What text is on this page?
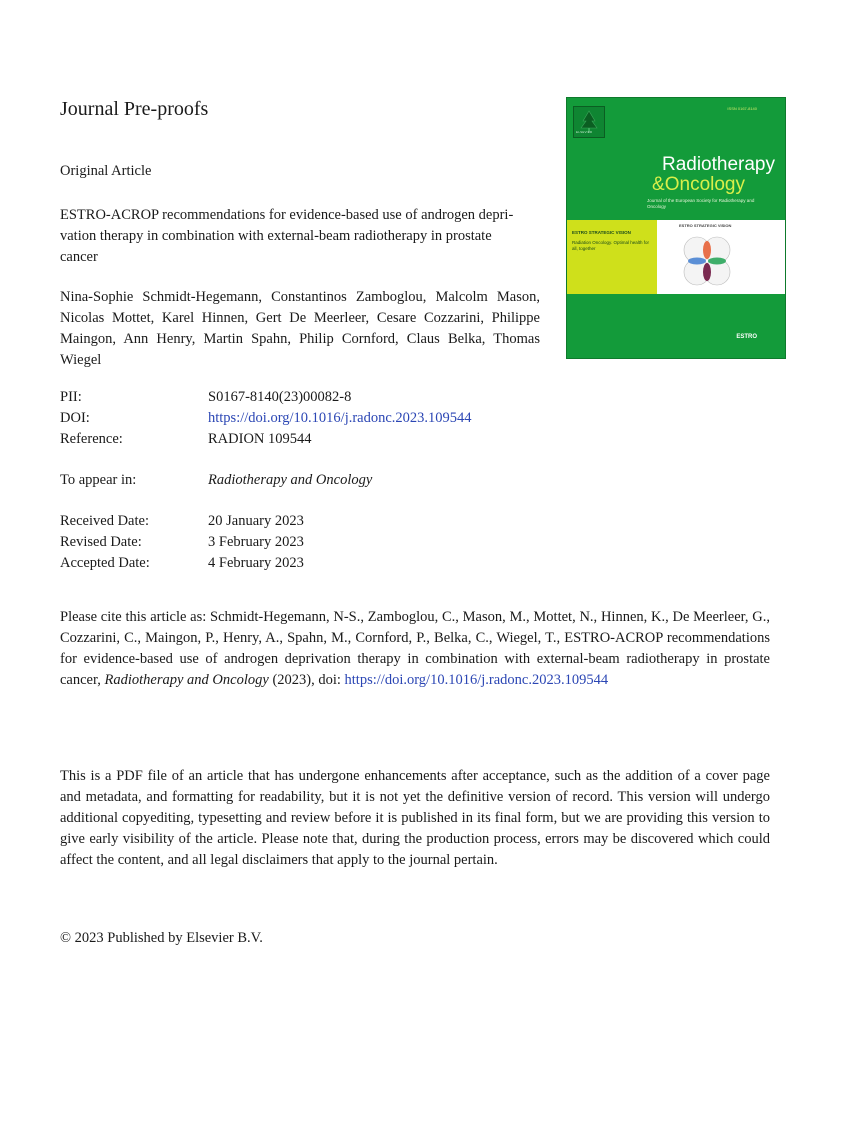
Journal Pre-proofs
Original Article
ESTRO-ACROP recommendations for evidence-based use of androgen depri-vation therapy in combination with external-beam radiotherapy in prostate cancer
Nina-Sophie Schmidt-Hegemann, Constantinos Zamboglou, Malcolm Mason, Nicolas Mottet, Karel Hinnen, Gert De Meerleer, Cesare Cozzarini, Philippe Maingon, Ann Henry, Martin Spahn, Philip Cornford, Claus Belka, Thomas Wiegel
PII:	S0167-8140(23)00082-8
DOI:	https://doi.org/10.1016/j.radonc.2023.109544
Reference:	RADION 109544
To appear in:	Radiotherapy and Oncology
Received Date:	20 January 2023
Revised Date:	3 February 2023
Accepted Date:	4 February 2023
Please cite this article as: Schmidt-Hegemann, N-S., Zamboglou, C., Mason, M., Mottet, N., Hinnen, K., De Meerleer, G., Cozzarini, C., Maingon, P., Henry, A., Spahn, M., Cornford, P., Belka, C., Wiegel, T., ESTRO-ACROP recommendations for evidence-based use of androgen deprivation therapy in combination with external-beam radiotherapy in prostate cancer, Radiotherapy and Oncology (2023), doi: https://doi.org/10.1016/j.radonc.2023.109544
This is a PDF file of an article that has undergone enhancements after acceptance, such as the addition of a cover page and metadata, and formatting for readability, but it is not yet the definitive version of record. This version will undergo additional copyediting, typesetting and review before it is published in its final form, but we are providing this version to give early visibility of the article. Please note that, during the production process, errors may be discovered which could affect the content, and all legal disclaimers that apply to the journal pertain.
© 2023 Published by Elsevier B.V.
ELSEVIER
ISSN 0167-8140
Radiotherapy
&Oncology
Journal of the European Society for Radiotherapy and Oncology
ESTRO STRATEGIC VISION
Radiation Oncology. Optimal health for all, together
ESTRO STRATEGIC VISION
ESTRO
